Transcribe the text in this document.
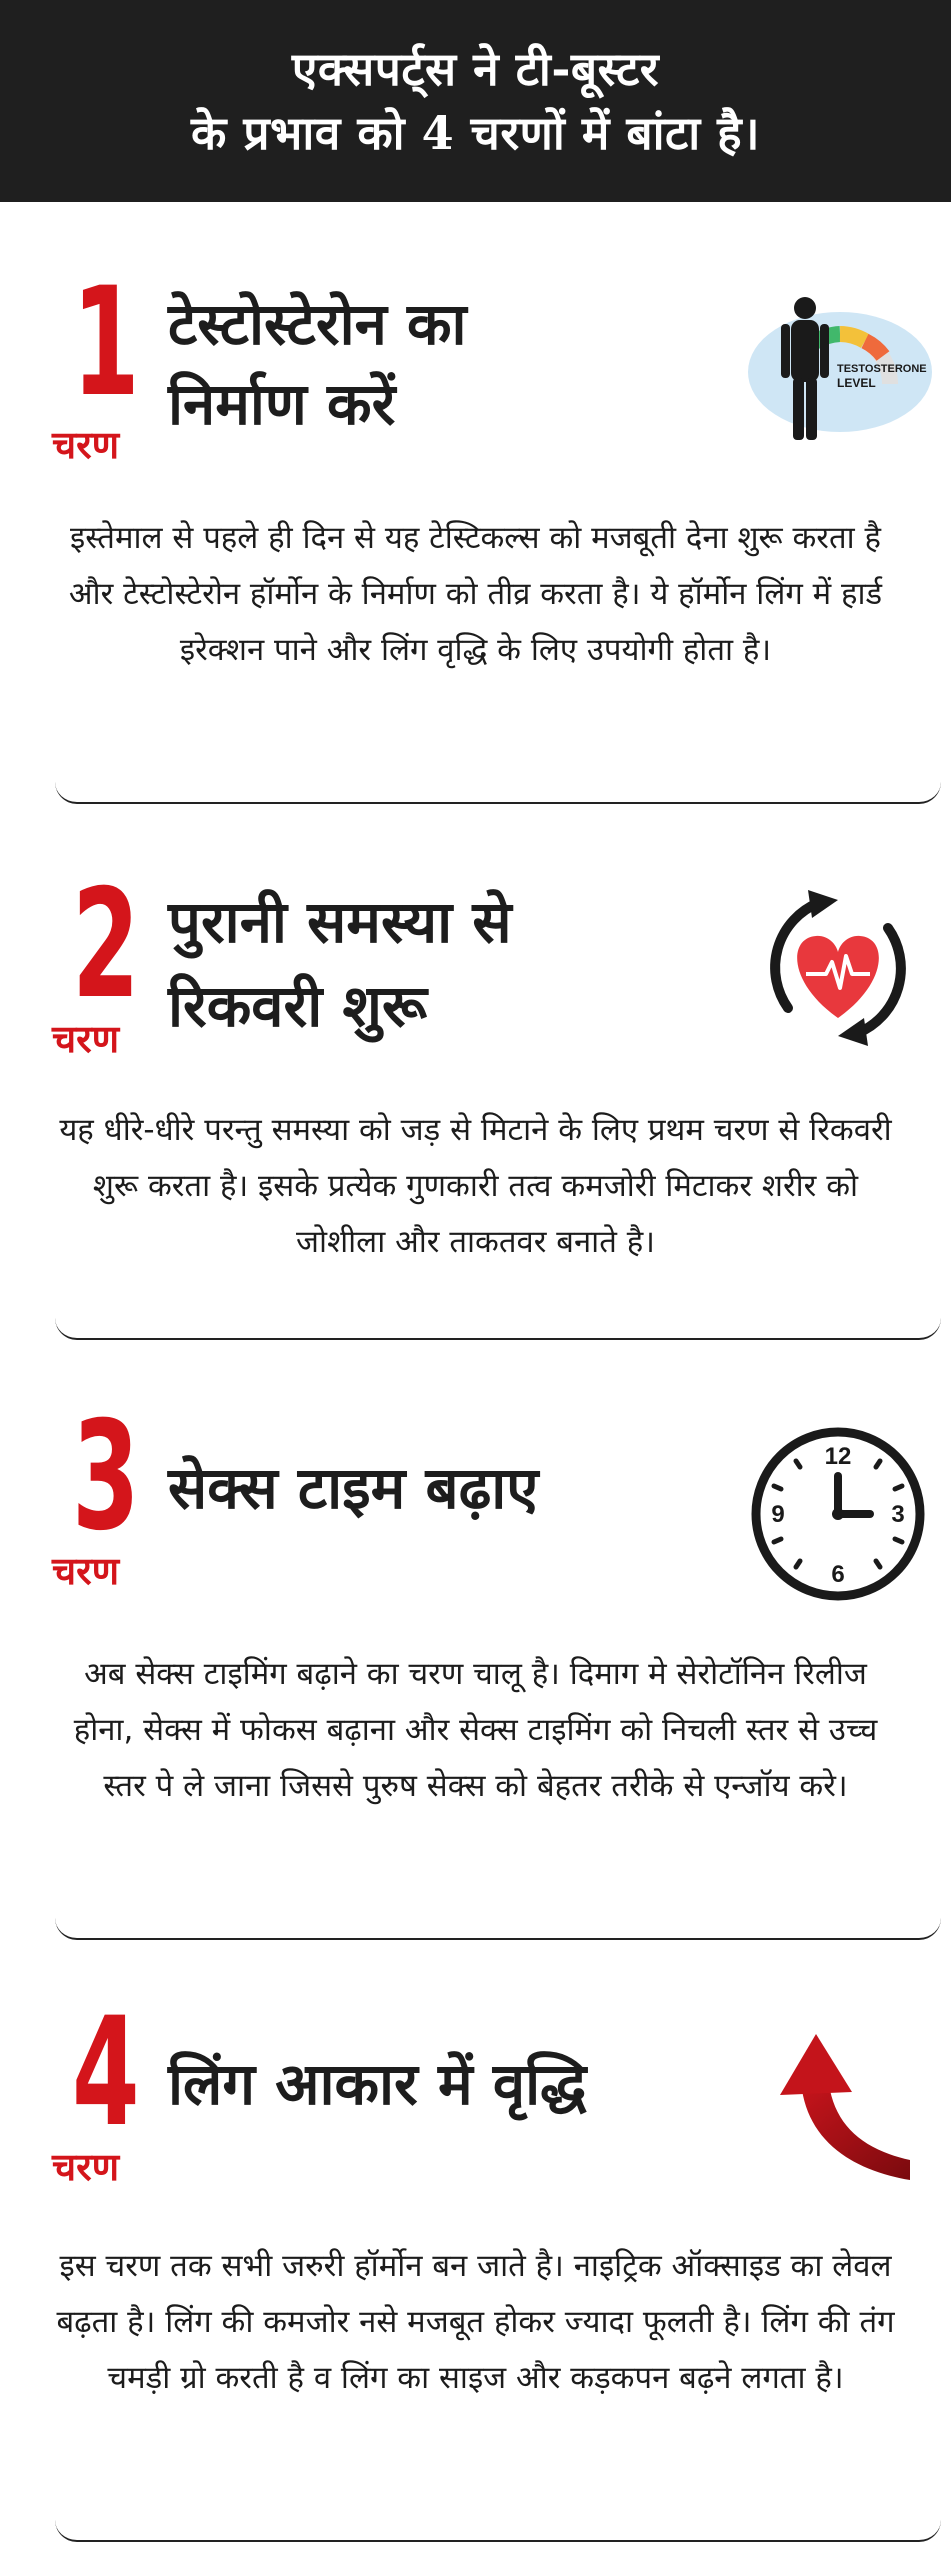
एक्सपर्ट्स ने टी-बूस्टर
के प्रभाव को 4 चरणों में बांटा है।
1
चरण
टेस्टोस्टेरोन का
निर्माण करें
TESTOSTERONE
LEVEL
इस्तेमाल से पहले ही दिन से यह टेस्टिकल्स को मजबूती देना शुरू करता है और टेस्टोस्टेरोन हॉर्मोन के निर्माण को तीव्र करता है। ये हॉर्मोन लिंग में हार्ड इरेक्शन पाने और लिंग वृद्धि के लिए उपयोगी होता है।
2
चरण
पुरानी समस्या से
रिकवरी शुरू
यह धीरे-धीरे परन्तु समस्या को जड़ से मिटाने के लिए प्रथम चरण से रिकवरी शुरू करता है। इसके प्रत्येक गुणकारी तत्व कमजोरी मिटाकर शरीर को जोशीला और ताकतवर बनाते है।
3
चरण
सेक्स टाइम बढ़ाए	12
3
6
9
अब सेक्स टाइमिंग बढ़ाने का चरण चालू है। दिमाग मे सेरोटॉनिन रिलीज होना, सेक्स में फोकस बढ़ाना और सेक्स टाइमिंग को निचली स्तर से उच्च स्तर पे ले जाना जिससे पुरुष सेक्स को बेहतर तरीके से एन्जॉय करे।
4
चरण
लिंग आकार में वृद्धि
इस चरण तक सभी जरुरी हॉर्मोन बन जाते है। नाइट्रिक ऑक्साइड का लेवल बढ़ता है। लिंग की कमजोर नसे मजबूत होकर ज्यादा फूलती है। लिंग की तंग चमड़ी ग्रो करती है व लिंग का साइज और कड़कपन बढ़ने लगता है।
